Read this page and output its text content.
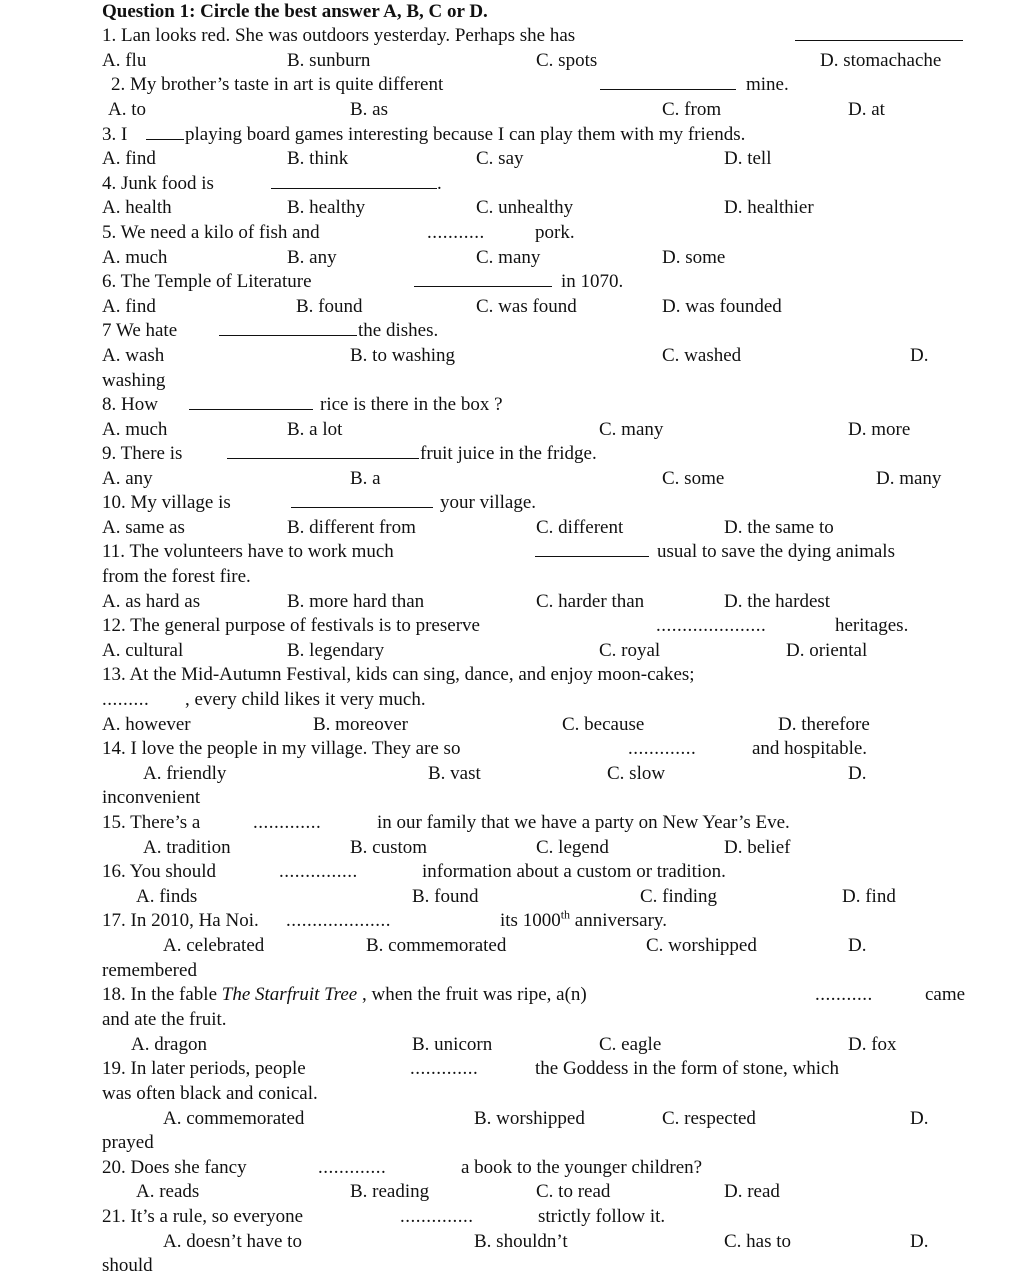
Question 1: Circle the best answer A, B, C or D.
1. Lan looks red. She was outdoors yesterday. Perhaps she has
A. flu	B. sunburn	C. spots	D. stomachache
2. My brother’s taste in art is quite different	mine.
A. to	B. as	C. from	D. at
3. I	playing board games interesting because I can play them with my friends.
A. find	B. think	C. say	D. tell
4. Junk food is	.
A. health	B. healthy	C. unhealthy	D. healthier
5. We need a kilo of fish and	...........	pork.
A. much	B. any	C. many	D. some
6. The Temple of Literature	in 1070.
A. find	B. found	C. was found	D. was founded
7 We hate	the dishes.
A. wash	B. to washing	C. washed	D.
washing
8. How	rice is there in the box ?
A. much	B. a lot	C. many	D. more
9. There is	fruit juice in the fridge.
A. any	B. a	C. some	D. many
10. My village is	your village.
A. same as	B. different from	C. different	D. the same to
11. The volunteers have to work much	usual to save the dying animals
from the forest fire.
A. as hard as	B. more hard than	C. harder than	D. the hardest
12. The general purpose of festivals is to preserve	.....................	heritages.
A. cultural	B. legendary	C. royal	D. oriental
13. At the Mid-Autumn Festival, kids can sing, dance, and enjoy moon-cakes;
......... , every child likes it very much.
A. however	B. moreover	C. because	D. therefore
14. I love the people in my village. They are so	.............	and hospitable.
A. friendly	B. vast	C. slow	D.
inconvenient
15. There’s a	.............	in our family that we have a party on New Year’s Eve.
A. tradition	B. custom	C. legend	D. belief
16. You should	...............	information about a custom or tradition.
A. finds	B. found	C. finding	D. find
17. In 2010, Ha Noi. ....................	its 1000th anniversary.
A. celebrated	B. commemorated	C. worshipped	D.
remembered
18. In the fable The Starfruit Tree , when the fruit was ripe, a(n)	...........	came
and ate the fruit.
A. dragon	B. unicorn	C. eagle	D. fox
19. In later periods, people	.............	the Goddess in the form of stone, which
was often black and conical.
A. commemorated	B. worshipped	C. respected	D.
prayed
20. Does she fancy	.............	a book to the younger children?
A. reads	B. reading	C. to read	D. read
21. It’s a rule, so everyone	..............	strictly follow it.
A. doesn’t have to	B. shouldn’t	C. has to	D.
should
